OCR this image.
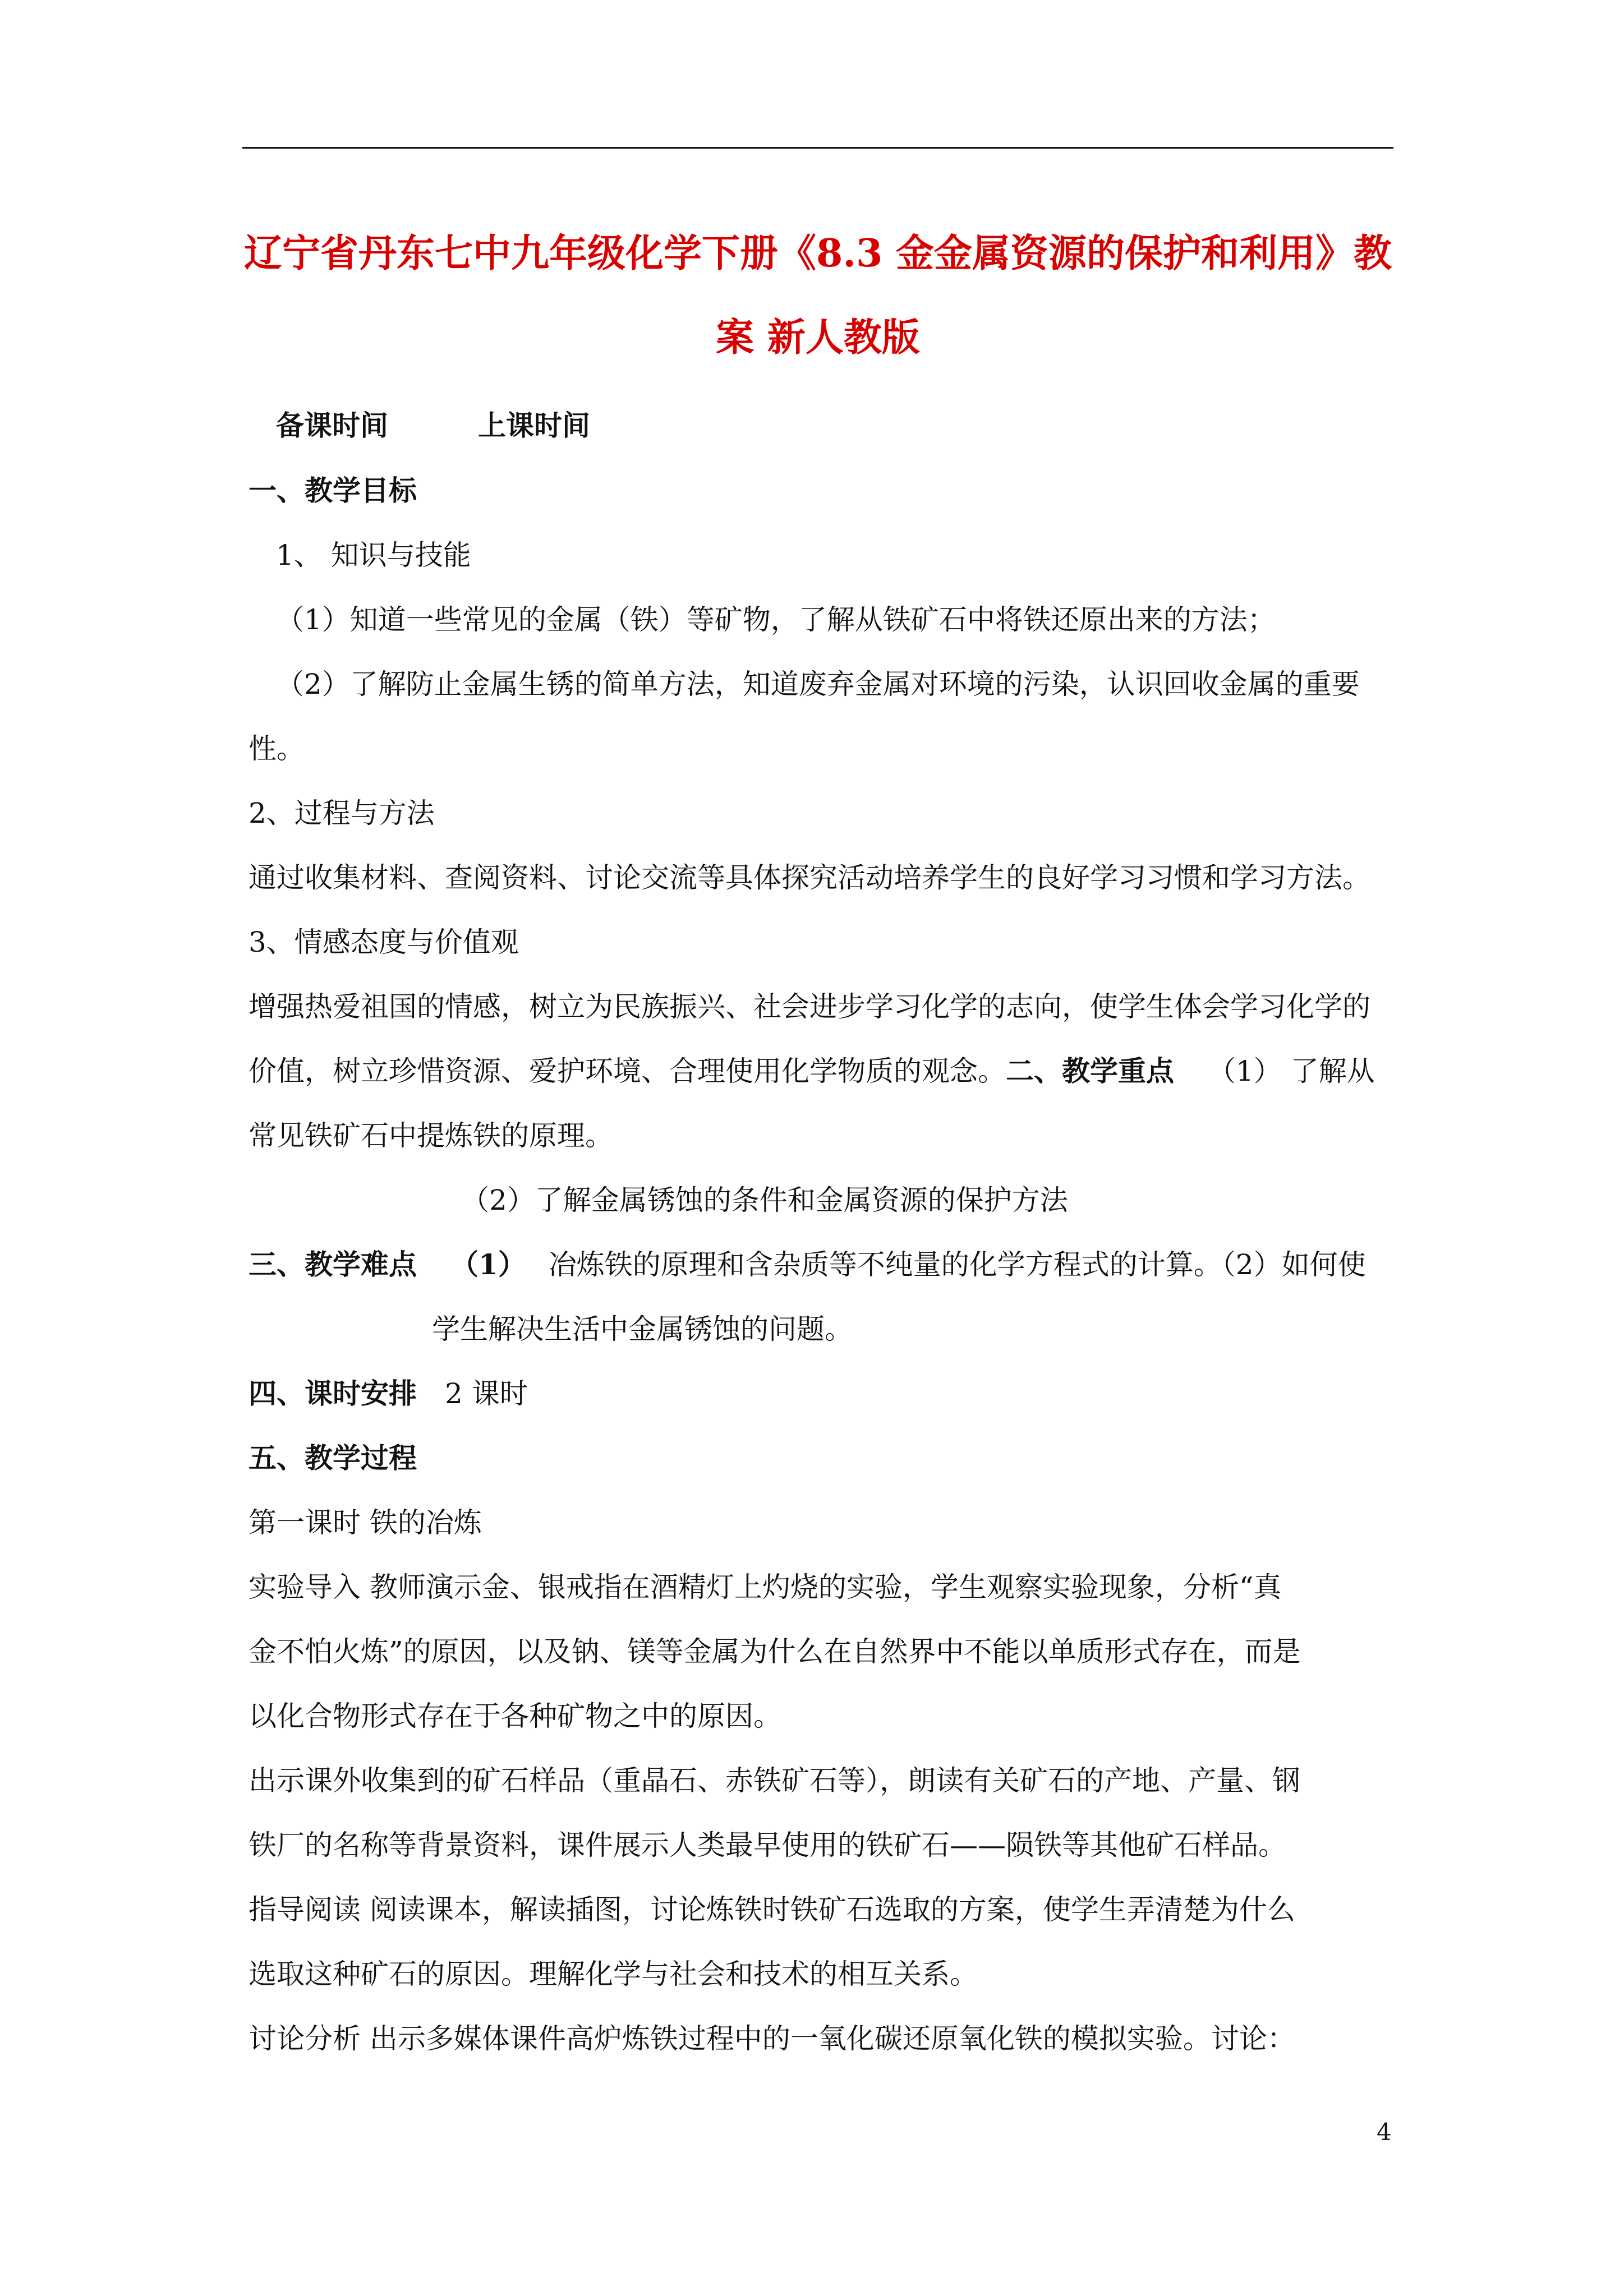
辽宁省丹东七中九年级化学下册《8.3 金金属资源的保护和利用》教
案 新人教版
备课时间	上课时间
一、教学目标
1、 知识与技能
（1）知道一些常见的金属（铁）等矿物，了解从铁矿石中将铁还原出来的方法；
（2）了解防止金属生锈的简单方法，知道废弃金属对环境的污染，认识回收金属的重要
性。
2、过程与方法
通过收集材料、查阅资料、讨论交流等具体探究活动培养学生的良好学习习惯和学习方法。
3、情感态度与价值观
增强热爱祖国的情感，树立为民族振兴、社会进步学习化学的志向，使学生体会学习化学的
价值，树立珍惜资源、爱护环境、合理使用化学物质的观念。二、教学重点 （1） 了解从
常见铁矿石中提炼铁的原理。
（2）了解金属锈蚀的条件和金属资源的保护方法
三、教学难点 （1） 冶炼铁的原理和含杂质等不纯量的化学方程式的计算。（2）如何使
学生解决生活中金属锈蚀的问题。
四、课时安排 2 课时
五、教学过程
第一课时 铁的冶炼
实验导入 教师演示金、银戒指在酒精灯上灼烧的实验，学生观察实验现象，分析“真
金不怕火炼”的原因，以及钠、镁等金属为什么在自然界中不能以单质形式存在，而是
以化合物形式存在于各种矿物之中的原因。
出示课外收集到的矿石样品（重晶石、赤铁矿石等），朗读有关矿石的产地、产量、钢
铁厂的名称等背景资料，课件展示人类最早使用的铁矿石——陨铁等其他矿石样品。
指导阅读 阅读课本，解读插图，讨论炼铁时铁矿石选取的方案，使学生弄清楚为什么
选取这种矿石的原因。理解化学与社会和技术的相互关系。
讨论分析 出示多媒体课件高炉炼铁过程中的一氧化碳还原氧化铁的模拟实验。讨论：
4
